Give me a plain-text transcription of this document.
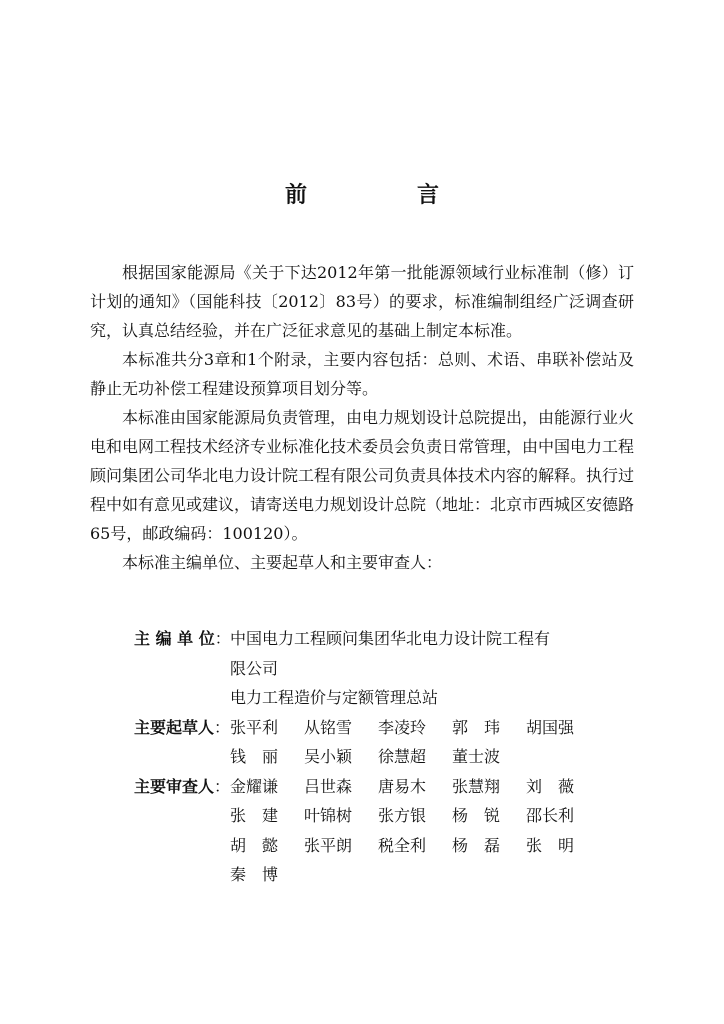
前　言

根据国家能源局《关于下达2012年第一批能源领域行业标准制（修）订计划的通知》（国能科技〔2012〕83号）的要求，标准编制组经广泛调查研究，认真总结经验，并在广泛征求意见的基础上制定本标准。

本标准共分3章和1个附录，主要内容包括：总则、术语、串联补偿站及静止无功补偿工程建设预算项目划分等。

本标准由国家能源局负责管理，由电力规划设计总院提出，由能源行业火电和电网工程技术经济专业标准化技术委员会负责日常管理，由中国电力工程顾问集团公司华北电力设计院工程有限公司负责具体技术内容的解释。执行过程中如有意见或建议，请寄送电力规划设计总院（地址：北京市西城区安德路65号，邮政编码：100120）。

本标准主编单位、主要起草人和主要审查人：

主 编 单 位： 中国电力工程顾问集团华北电力设计院工程有
限公司
电力工程造价与定额管理总站
主要起草人： 张平利	从铭雪	李凌玲	郭　玮	胡国强
钱　丽	吴小颖	徐慧超	董士波
主要审查人： 金耀谦	吕世森	唐易木	张慧翔	刘　薇
张　建	叶锦树	张方银	杨　锐	邵长利
胡　懿	张平朗	税全利	杨　磊	张　明
秦　博
